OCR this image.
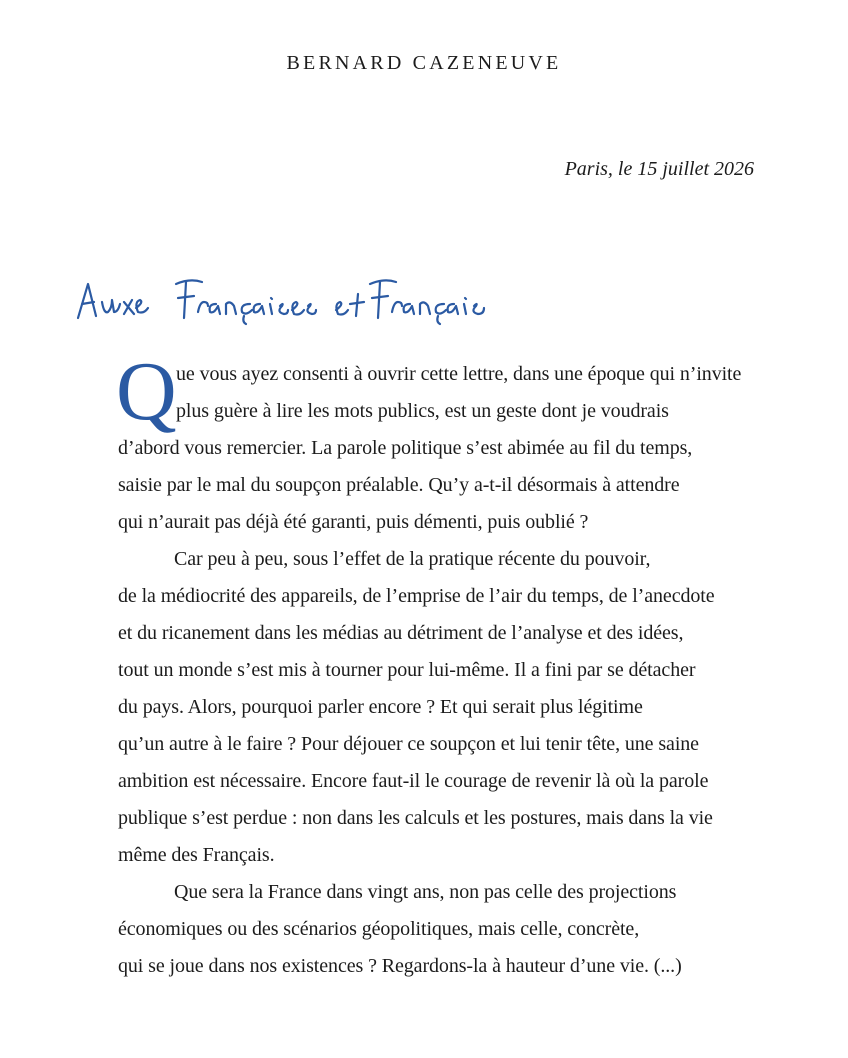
BERNARD CAZENEUVE
Paris, le 15 juillet 2026
Q ue vous ayez consenti à ouvrir cette lettre, dans une époque qui n’invite
plus guère à lire les mots publics, est un geste dont je voudrais
d’abord vous remercier. La parole politique s’est abimée au fil du temps,
saisie par le mal du soupçon préalable. Qu’y a-t-il désormais à attendre
qui n’aurait pas déjà été garanti, puis démenti, puis oublié ?
Car peu à peu, sous l’effet de la pratique récente du pouvoir,
de la médiocrité des appareils, de l’emprise de l’air du temps, de l’anecdote
et du ricanement dans les médias au détriment de l’analyse et des idées,
tout un monde s’est mis à tourner pour lui-même. Il a fini par se détacher
du pays. Alors, pourquoi parler encore ? Et qui serait plus légitime
qu’un autre à le faire ? Pour déjouer ce soupçon et lui tenir tête, une saine
ambition est nécessaire. Encore faut-il le courage de revenir là où la parole
publique s’est perdue : non dans les calculs et les postures, mais dans la vie
même des Français.
Que sera la France dans vingt ans, non pas celle des projections
économiques ou des scénarios géopolitiques, mais celle, concrète,
qui se joue dans nos existences ? Regardons-la à hauteur d’une vie. (...)
